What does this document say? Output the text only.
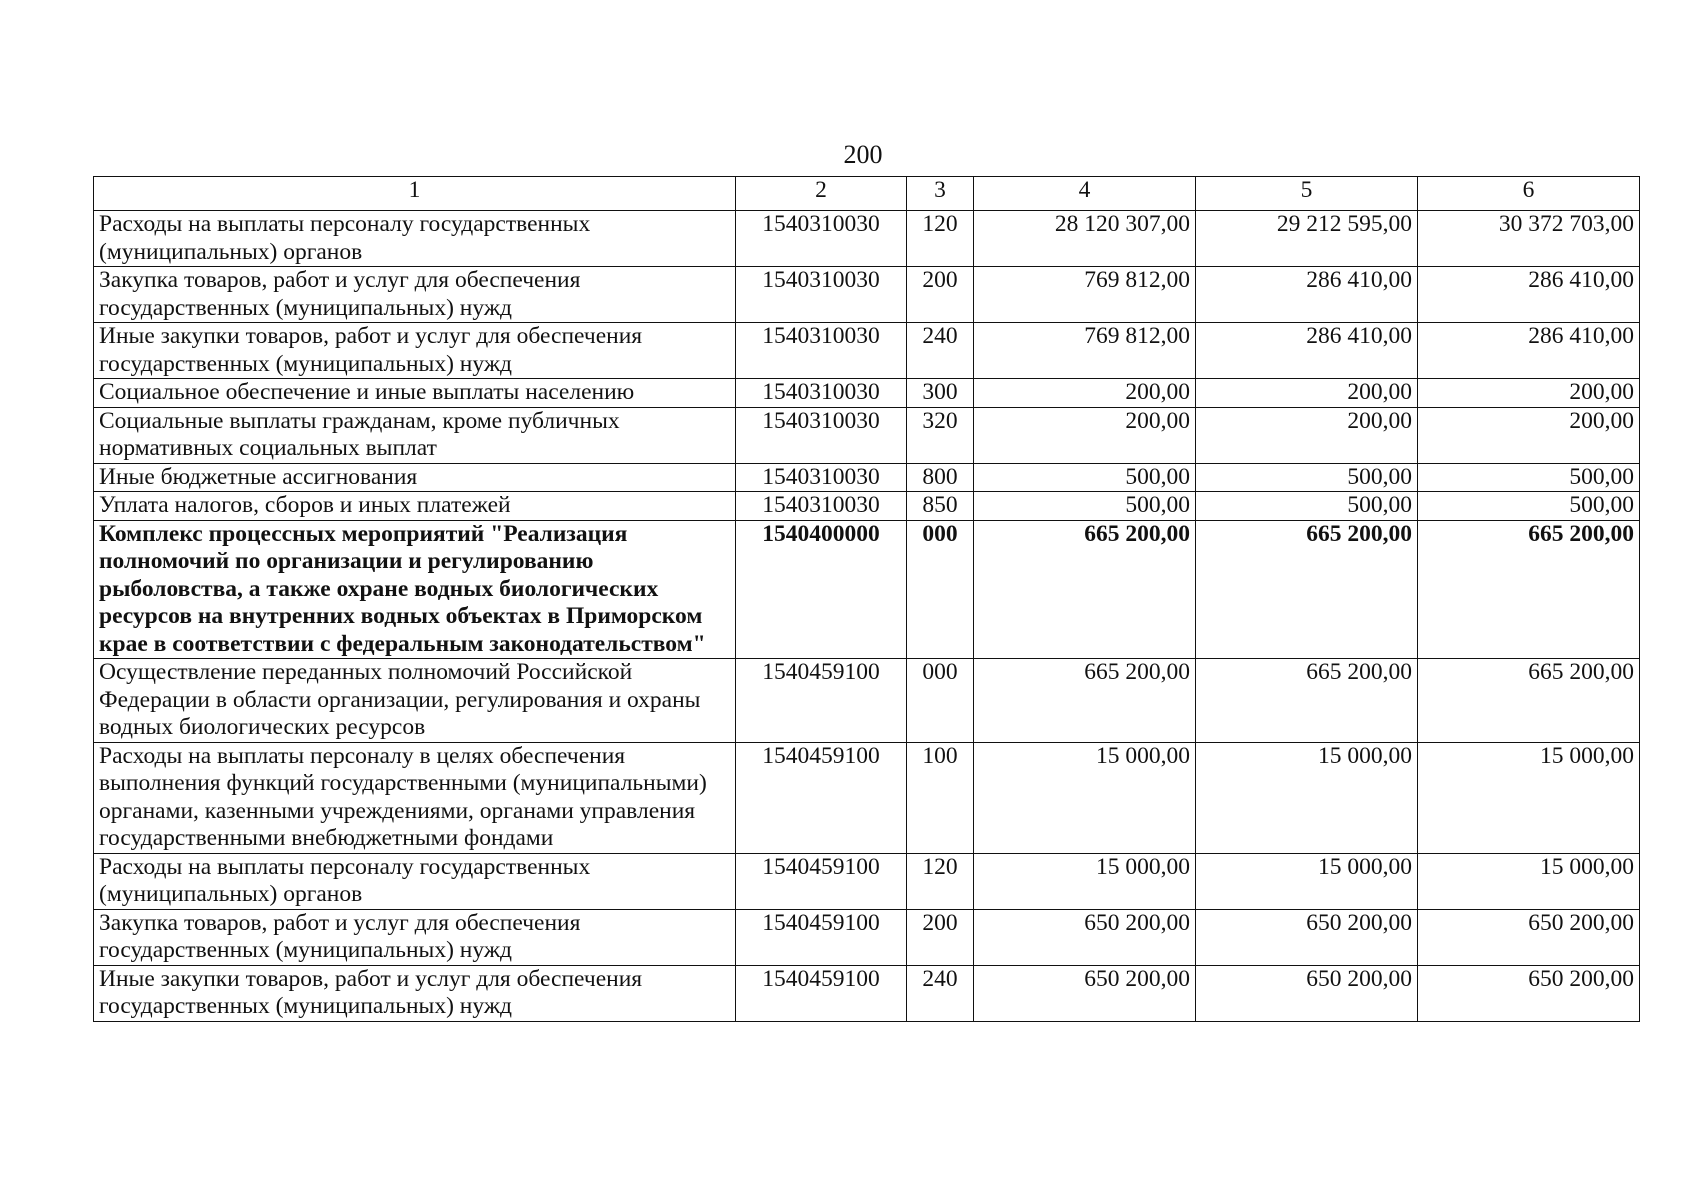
200
1	2	3	4	5	6
Расходы на выплаты персоналу государственных (муниципальных) органов	1540310030	120	28 120 307,00	29 212 595,00	30 372 703,00
Закупка товаров, работ и услуг для обеспечения государственных (муниципальных) нужд	1540310030	200	769 812,00	286 410,00	286 410,00
Иные закупки товаров, работ и услуг для обеспечения государственных (муниципальных) нужд	1540310030	240	769 812,00	286 410,00	286 410,00
Социальное обеспечение и иные выплаты населению	1540310030	300	200,00	200,00	200,00
Социальные выплаты гражданам, кроме публичных нормативных социальных выплат	1540310030	320	200,00	200,00	200,00
Иные бюджетные ассигнования	1540310030	800	500,00	500,00	500,00
Уплата налогов, сборов и иных платежей	1540310030	850	500,00	500,00	500,00
Комплекс процессных мероприятий "Реализация полномочий по организации и регулированию рыболовства, а также охране водных биологических ресурсов на внутренних водных объектах в Приморском крае в соответствии с федеральным законодательством"	1540400000	000	665 200,00	665 200,00	665 200,00
Осуществление переданных полномочий Российской Федерации в области организации, регулирования и охраны водных биологических ресурсов	1540459100	000	665 200,00	665 200,00	665 200,00
Расходы на выплаты персоналу в целях обеспечения выполнения функций государственными (муниципальными) органами, казенными учреждениями, органами управления государственными внебюджетными фондами	1540459100	100	15 000,00	15 000,00	15 000,00
Расходы на выплаты персоналу государственных (муниципальных) органов	1540459100	120	15 000,00	15 000,00	15 000,00
Закупка товаров, работ и услуг для обеспечения государственных (муниципальных) нужд	1540459100	200	650 200,00	650 200,00	650 200,00
Иные закупки товаров, работ и услуг для обеспечения государственных (муниципальных) нужд	1540459100	240	650 200,00	650 200,00	650 200,00
